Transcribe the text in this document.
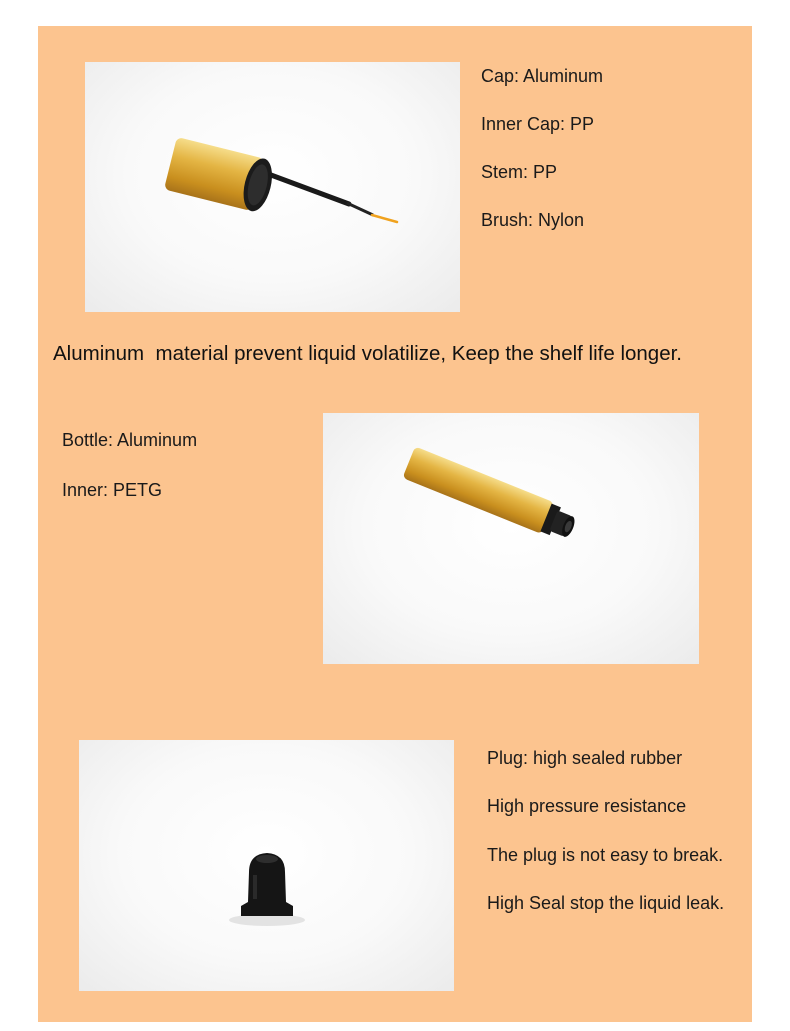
Cap: Aluminum

Inner Cap: PP

Stem: PP

Brush: Nylon

Aluminum  material prevent liquid volatilize, Keep the shelf life longer.

Bottle: Aluminum

Inner: PETG

Plug: high sealed rubber

High pressure resistance

The plug is not easy to break.

High Seal stop the liquid leak.
